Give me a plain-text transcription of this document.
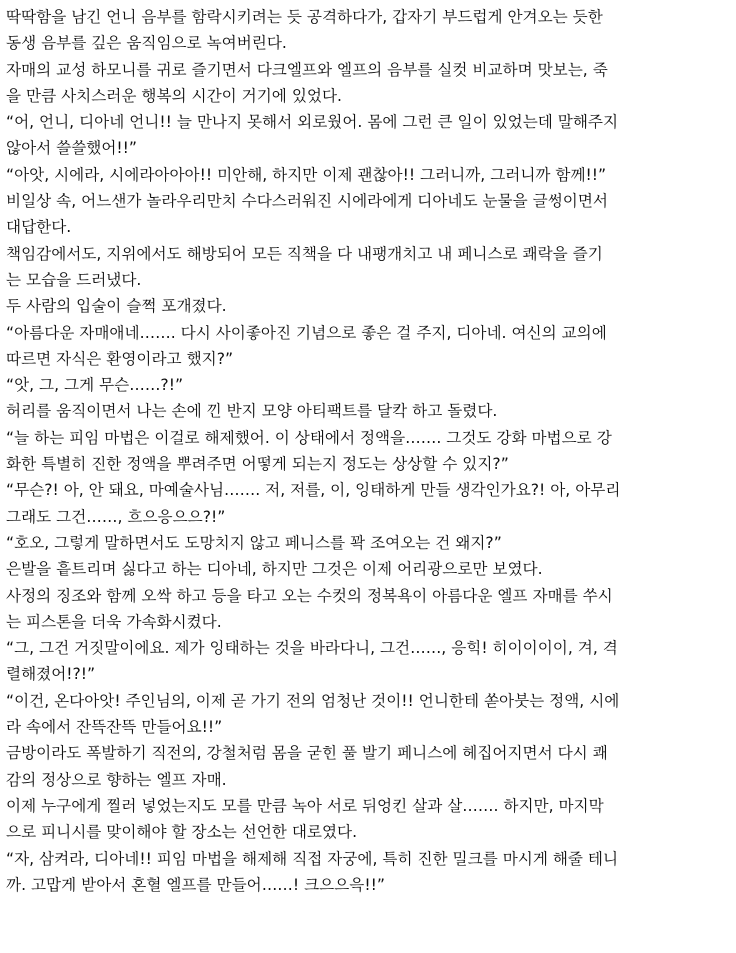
딱딱함을 남긴 언니 음부를 함락시키려는 듯 공격하다가, 갑자기 부드럽게 안겨오는 듯한
동생 음부를 깊은 움직임으로 녹여버린다.
자매의 교성 하모니를 귀로 즐기면서 다크엘프와 엘프의 음부를 실컷 비교하며 맛보는, 죽
을 만큼 사치스러운 행복의 시간이 거기에 있었다.
“어, 언니, 디아네 언니!! 늘 만나지 못해서 외로웠어. 몸에 그런 큰 일이 있었는데 말해주지
않아서 쓸쓸했어!!”
“아앗, 시에라, 시에라아아아!! 미안해, 하지만 이제 괜찮아!! 그러니까, 그러니까 함께!!”
비일상 속, 어느샌가 놀라우리만치 수다스러워진 시에라에게 디아네도 눈물을 글썽이면서
대답한다.
책임감에서도, 지위에서도 해방되어 모든 직책을 다 내팽개치고 내 페니스로 쾌락을 즐기
는 모습을 드러냈다.
두 사람의 입술이 슬쩍 포개졌다.
“아름다운 자매애네……. 다시 사이좋아진 기념으로 좋은 걸 주지, 디아네. 여신의 교의에
따르면 자식은 환영이라고 했지?”
“앗, 그, 그게 무슨……?!”
허리를 움직이면서 나는 손에 낀 반지 모양 아티팩트를 달칵 하고 돌렸다.
“늘 하는 피임 마법은 이걸로 해제했어. 이 상태에서 정액을……. 그것도 강화 마법으로 강
화한 특별히 진한 정액을 뿌려주면 어떻게 되는지 정도는 상상할 수 있지?”
“무슨?! 아, 안 돼요, 마예술사님……. 저, 저를, 이, 잉태하게 만들 생각인가요?! 아, 아무리
그래도 그건……, 흐으응으으?!”
“호오, 그렇게 말하면서도 도망치지 않고 페니스를 꽉 조여오는 건 왜지?”
은발을 흩트리며 싫다고 하는 디아네, 하지만 그것은 이제 어리광으로만 보였다.
사정의 징조와 함께 오싹 하고 등을 타고 오는 수컷의 정복욕이 아름다운 엘프 자매를 쑤시
는 피스톤을 더욱 가속화시켰다.
“그, 그건 거짓말이에요. 제가 잉태하는 것을 바라다니, 그건……, 응힉! 히이이이이, 겨, 격
렬해졌어!?!”
“이건, 온다아앗! 주인님의, 이제 곧 가기 전의 엄청난 것이!! 언니한테 쏟아붓는 정액, 시에
라 속에서 잔뜩잔뜩 만들어요!!”
금방이라도 폭발하기 직전의, 강철처럼 몸을 굳힌 풀 발기 페니스에 헤집어지면서 다시 쾌
감의 정상으로 향하는 엘프 자매.
이제 누구에게 찔러 넣었는지도 모를 만큼 녹아 서로 뒤엉킨 살과 살……. 하지만, 마지막
으로 피니시를 맞이해야 할 장소는 선언한 대로였다.
“자, 삼켜라, 디아네!! 피임 마법을 해제해 직접 자궁에, 특히 진한 밀크를 마시게 해줄 테니
까. 고맙게 받아서 혼혈 엘프를 만들어……! 크으으윽!!”
